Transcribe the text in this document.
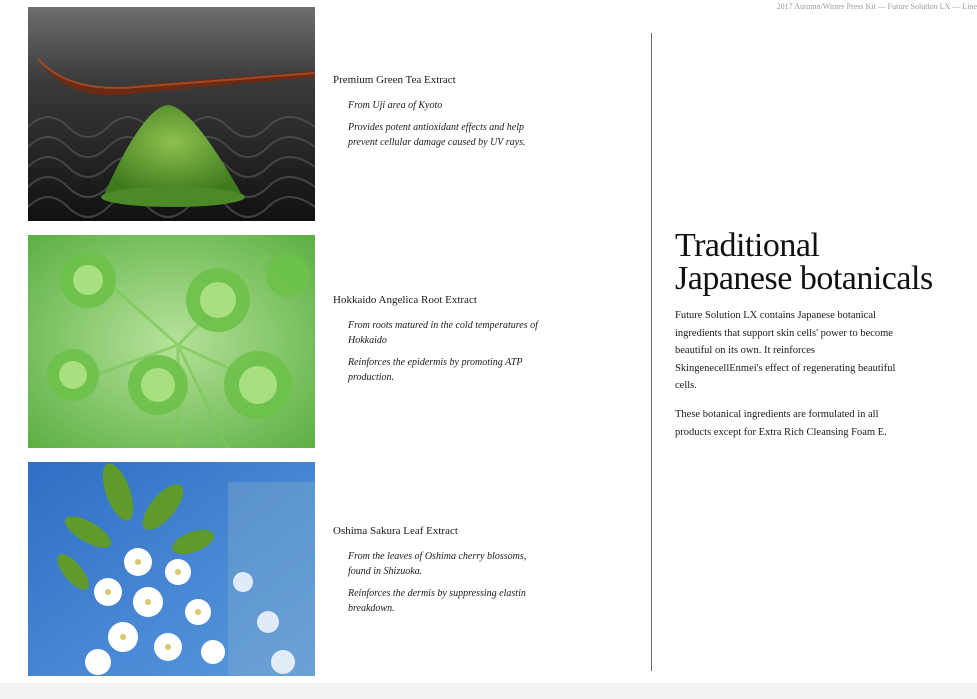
2017 Autumn/Winter Press Kit — Future Solution LX — Line

Premium Green Tea Extract

From Uji area of Kyoto

Provides potent antioxidant effects and help prevent cellular damage caused by UV rays.

Hokkaido Angelica Root Extract

From roots matured in the cold temperatures of Hokkaido

Reinforces the epidermis by promoting ATP production.

Oshima Sakura Leaf Extract

From the leaves of Oshima cherry blossoms, found in Shizuoka.

Reinforces the dermis by suppressing elastin breakdown.

Traditional
Japanese botanicals

Future Solution LX contains Japanese botanical ingredients that support skin cells' power to become beautiful on its own. It reinforces SkingenecellEnmei's effect of regenerating beautiful cells.

These botanical ingredients are formulated in all products except for Extra Rich Cleansing Foam E.
